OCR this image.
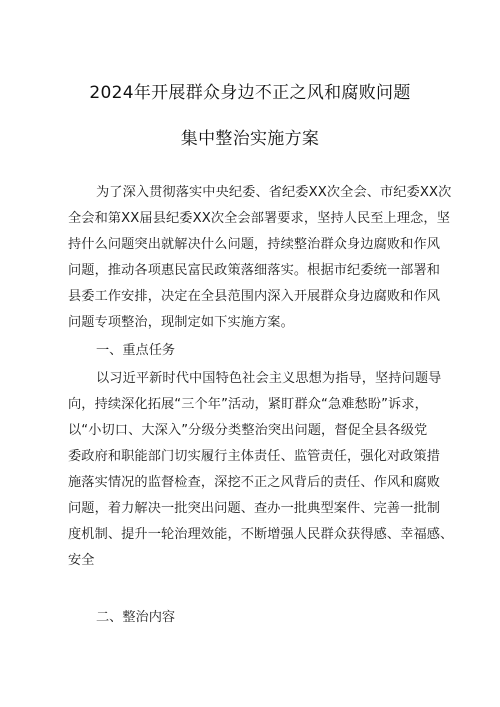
2024年开展群众身边不正之风和腐败问题
集中整治实施方案
为了深入贯彻落实中央纪委、省纪委XX次全会、市纪委XX次
全会和第XX届县纪委XX次全会部署要求，坚持人民至上理念，坚
持什么问题突出就解决什么问题，持续整治群众身边腐败和作风
问题，推动各项惠民富民政策落细落实。根据市纪委统一部署和
县委工作安排，决定在全县范围内深入开展群众身边腐败和作风
问题专项整治，现制定如下实施方案。
一、重点任务
以习近平新时代中国特色社会主义思想为指导，坚持问题导
向，持续深化拓展“三个年”活动，紧盯群众“急难愁盼”诉求，
以“小切口、大深入”分级分类整治突出问题，督促全县各级党
委政府和职能部门切实履行主体责任、监管责任，强化对政策措
施落实情况的监督检查，深挖不正之风背后的责任、作风和腐败
问题，着力解决一批突出问题、查办一批典型案件、完善一批制
度机制、提升一轮治理效能，不断增强人民群众获得感、幸福感、
安全
二、整治内容
